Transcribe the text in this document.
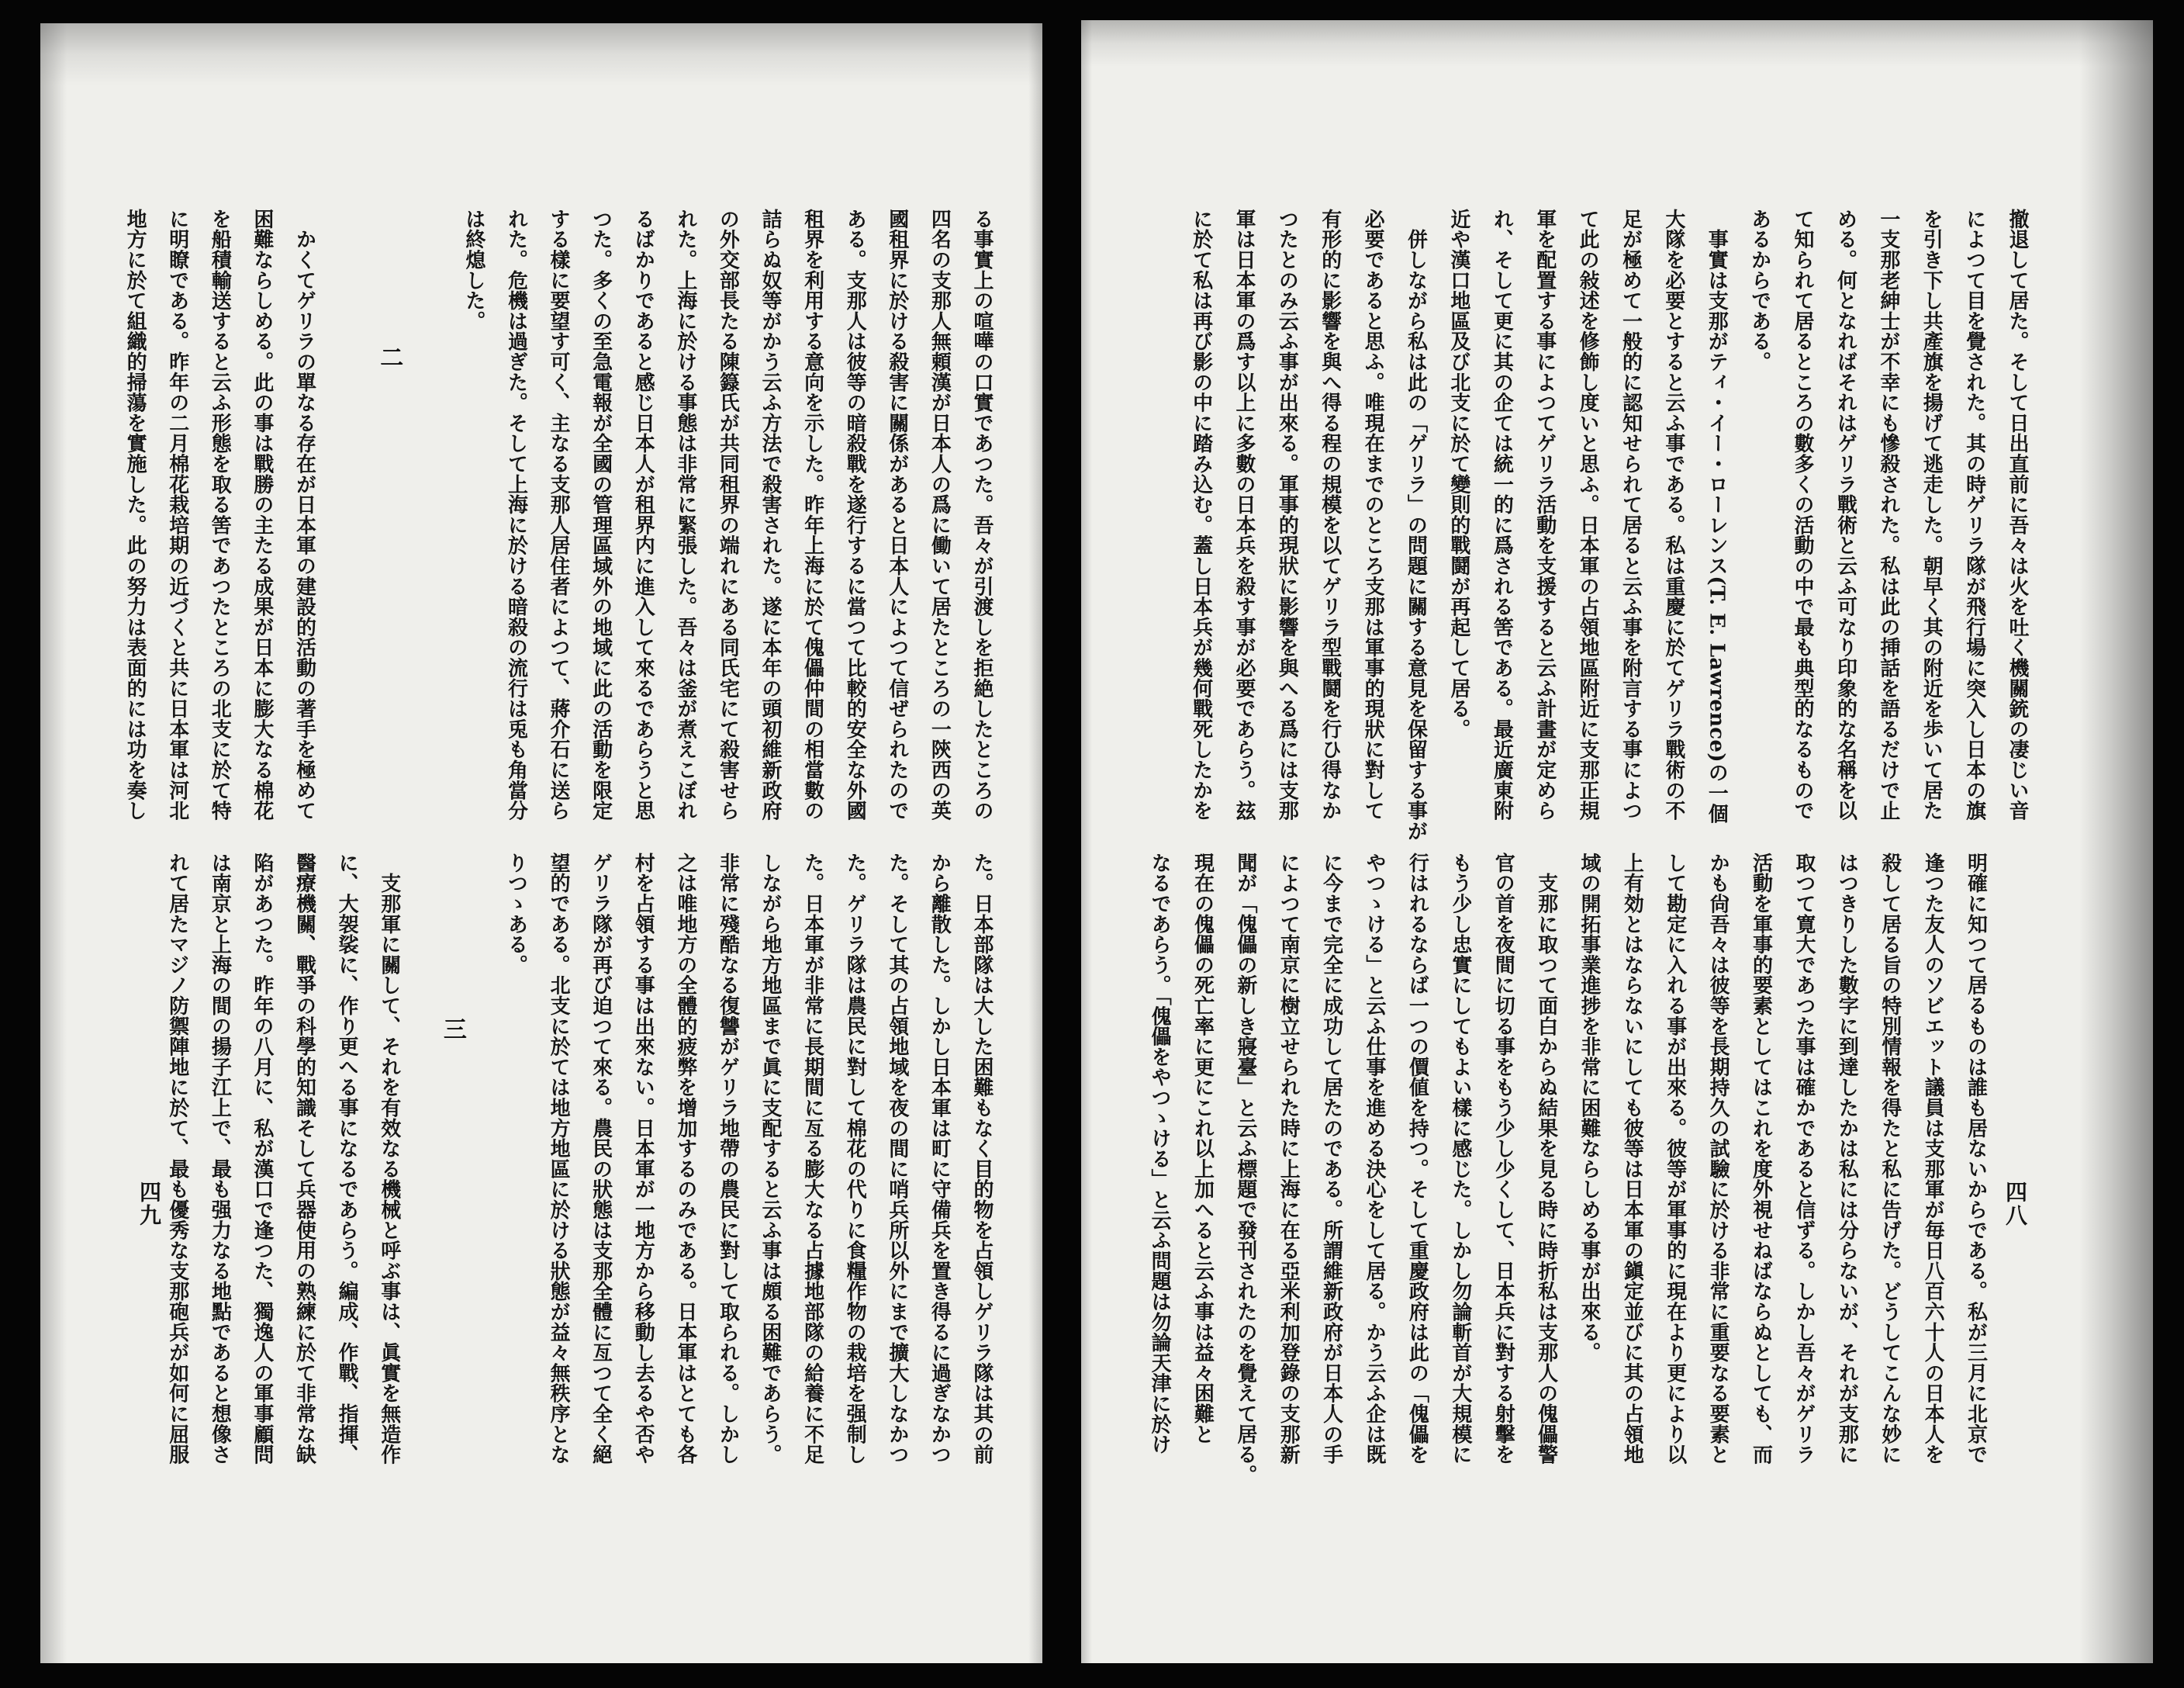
る事實上の喧嘩の口實であつた。吾々が引渡しを拒絶したところの
四名の支那人無頼漢が日本人の爲に働いて居たところの一陝西の英
國租界に於ける殺害に關係があると日本人によつて信ぜられたので
ある。支那人は彼等の暗殺戰を遂行するに當つて比較的安全な外國
租界を利用する意向を示した。昨年上海に於て傀儡仲間の相當數の
詰らぬ奴等がかう云ふ方法で殺害された。遂に本年の頭初維新政府
の外交部長たる陳籙氏が共同租界の端れにある同氏宅にて殺害せら
れた。上海に於ける事態は非常に緊張した。吾々は釜が煮えこぼれ
るばかりであると感じ日本人が租界内に進入して來るであらうと思
つた。多くの至急電報が全國の管理區域外の地域に此の活動を限定
する樣に要望す可く、主なる支那人居住者によつて、蔣介石に送ら
れた。危機は過ぎた。そして上海に於ける暗殺の流行は兎も角當分
は終熄した。
二
　かくてゲリラの單なる存在が日本軍の建設的活動の著手を極めて
困難ならしめる。此の事は戰勝の主たる成果が日本に膨大なる棉花
を船積輸送すると云ふ形態を取る筈であつたところの北支に於て特
に明瞭である。昨年の二月棉花栽培期の近づくと共に日本軍は河北
地方に於て組織的掃蕩を實施した。此の努力は表面的には功を奏し
た。日本部隊は大した困難もなく目的物を占領しゲリラ隊は其の前
から離散した。しかし日本軍は町に守備兵を置き得るに過ぎなかつ
た。そして其の占領地域を夜の間に哨兵所以外にまで擴大しなかつ
た。ゲリラ隊は農民に對して棉花の代りに食糧作物の栽培を强制し
た。日本軍が非常に長期間に亙る膨大なる占據地部隊の給養に不足
しながら地方地區まで眞に支配すると云ふ事は頗る困難であらう。
非常に殘酷なる復讐がゲリラ地帶の農民に對して取られる。しかし
之は唯地方の全體的疲弊を增加するのみである。日本軍はとても各
村を占領する事は出來ない。日本軍が一地方から移動し去るや否や
ゲリラ隊が再び迫つて來る。農民の狀態は支那全體に亙つて全く絕
望的である。北支に於ては地方地區に於ける狀態が益々無秩序とな
りつゝある。
三
　支那軍に關して、それを有效なる機械と呼ぶ事は、眞實を無造作
に、大袈裟に、作り更へる事になるであらう。編成、作戰、指揮、
醫療機關、戰爭の科學的知識そして兵器使用の熟練に於て非常な缺
陷があつた。昨年の八月に、私が漢口で逢つた、獨逸人の軍事顧問
は南京と上海の間の揚子江上で、最も强力なる地點であると想像さ
れて居たマジノ防禦陣地に於て、最も優秀な支那砲兵が如何に屈服
四九
撤退して居た。そして日出直前に吾々は火を吐く機關銃の凄じい音
によつて目を覺された。其の時ゲリラ隊が飛行場に突入し日本の旗
を引き下し共產旗を揚げて逃走した。朝早く其の附近を歩いて居た
一支那老紳士が不幸にも慘殺された。私は此の挿話を語るだけで止
める。何となればそれはゲリラ戰術と云ふ可なり印象的な名稱を以
て知られて居るところの數多くの活動の中で最も典型的なるもので
あるからである。
　事實は支那がティ・イー・ローレンス(T. E. Lawrence)の一個
大隊を必要とすると云ふ事である。私は重慶に於てゲリラ戰術の不
足が極めて一般的に認知せられて居ると云ふ事を附言する事によつ
て此の敍述を修飾し度いと思ふ。日本軍の占領地區附近に支那正規
軍を配置する事によつてゲリラ活動を支援すると云ふ計畫が定めら
れ、そして更に其の企ては統一的に爲される筈である。最近廣東附
近や漢口地區及び北支に於て變則的戰鬪が再起して居る。
　併しながら私は此の「ゲリラ」の問題に關する意見を保留する事が
必要であると思ふ。唯現在までのところ支那は軍事的現狀に對して
有形的に影響を與へ得る程の規模を以てゲリラ型戰鬪を行ひ得なか
つたとのみ云ふ事が出來る。軍事的現狀に影響を與へる爲には支那
軍は日本軍の爲す以上に多數の日本兵を殺す事が必要であらう。玆
に於て私は再び影の中に踏み込む。蓋し日本兵が幾何戰死したかを
明確に知つて居るものは誰も居ないからである。私が三月に北京で
逢つた友人のソビエット議員は支那軍が毎日八百六十人の日本人を
殺して居る旨の特別情報を得たと私に告げた。どうしてこんな妙に
はつきりした數字に到達したかは私には分らないが、それが支那に
取つて寛大であつた事は確かであると信ずる。しかし吾々がゲリラ
活動を軍事的要素としてはこれを度外視せねばならぬとしても、而
かも尙吾々は彼等を長期持久の試驗に於ける非常に重要なる要素と
して勘定に入れる事が出來る。彼等が軍事的に現在より更により以
上有効とはならないにしても彼等は日本軍の鎭定並びに其の占領地
域の開拓事業進捗を非常に困難ならしめる事が出來る。
　支那に取つて面白からぬ結果を見る時に時折私は支那人の傀儡警
官の首を夜間に切る事をもう少し少くして、日本兵に對する射擊を
もう少し忠實にしてもよい樣に感じた。しかし勿論斬首が大規模に
行はれるならば一つの價値を持つ。そして重慶政府は此の「傀儡を
やつゝける」と云ふ仕事を進める決心をして居る。かう云ふ企は既
に今まで完全に成功して居たのである。所謂維新政府が日本人の手
によつて南京に樹立せられた時に上海に在る亞米利加登錄の支那新
聞が「傀儡の新しき寢臺」と云ふ標題で發刊されたのを覺えて居る。
現在の傀儡の死亡率に更にこれ以上加へると云ふ事は益々困難と
なるであらう。「傀儡をやつゝける」と云ふ問題は勿論天津に於け	四八
